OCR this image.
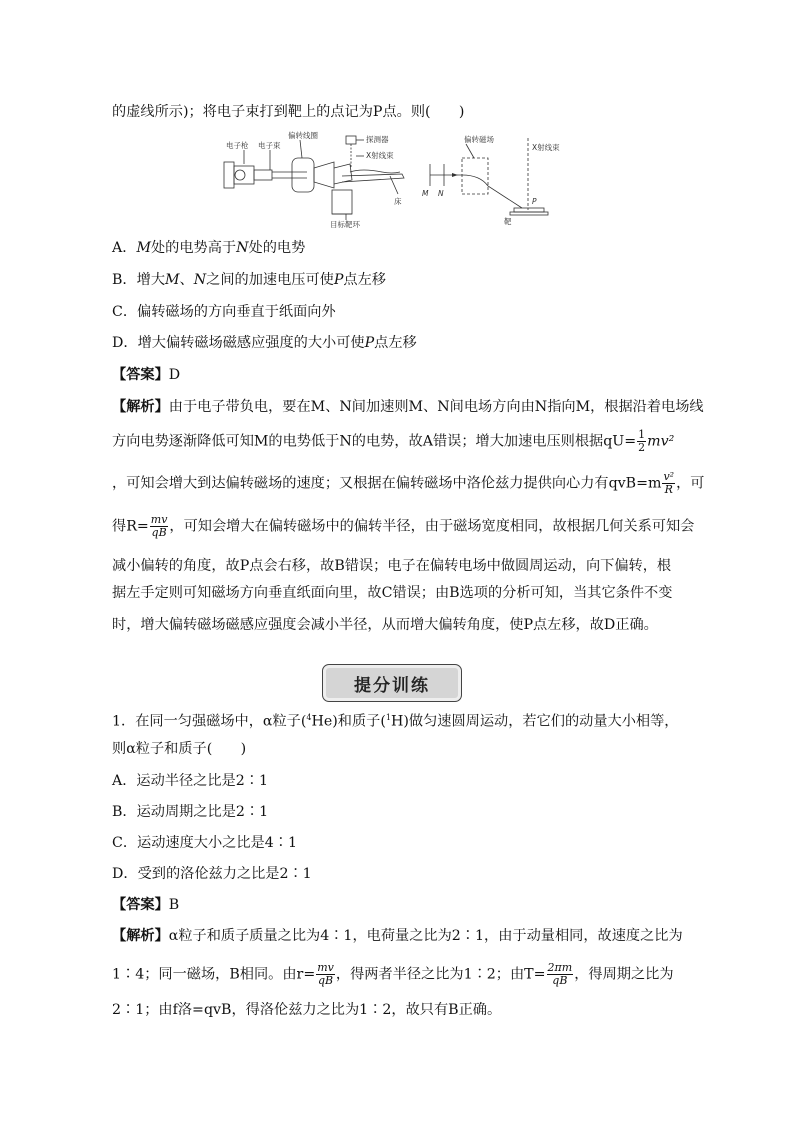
的虚线所示)；将电子束打到靶上的点记为P点。则(　　)
电子枪 电子束
偏转线圈	探测器
X射线束
床
目标靶环
偏转磁场
X射线束
M N
P
靶
A．M处的电势高于N处的电势
B．增大M、N之间的加速电压可使P点左移
C．偏转磁场的方向垂直于纸面向外
D．增大偏转磁场磁感应强度的大小可使P点左移
【答案】D
【解析】由于电子带负电，要在M、N间加速则M、N间电场方向由N指向M，根据沿着电场线
方向电势逐渐降低可知M的电势低于N的电势，故A错误；增大加速电压则根据$qU= \frac{1}{2} mv^2$
，可知会增大到达偏转磁场的速度；又根据在偏转磁场中洛伦兹力提供向心力有$qvB=m \frac{\text{v²}}{R}$ ，可
得$R= \frac{mv}{qB}$ ，可知会增大在偏转磁场中的偏转半径，由于磁场宽度相同，故根据几何关系可知会
减小偏转的角度，故P点会右移，故B错误；电子在偏转电场中做圆周运动，向下偏转，根
据左手定则可知磁场方向垂直纸面向里，故C错误；由B选项的分析可知，当其它条件不变
时，增大偏转磁场磁感应强度会减小半径，从而增大偏转角度，使P点左移，故D正确。
提分训练
1．在同一匀强磁场中，α粒子($^4$He)和质子($^1$H)做匀速圆周运动，若它们的动量大小相等，
则α粒子和质子(　　)
A．运动半径之比是2∶1
B．运动周期之比是2∶1
C．运动速度大小之比是4∶1
D．受到的洛伦兹力之比是2∶1
【答案】B
【解析】α粒子和质子质量之比为4∶1，电荷量之比为2∶1，由于动量相同，故速度之比为
1∶4；同一磁场，B相同。由$r= \frac{mv}{qB}$ ，得两者半径之比为1∶2；由$T= \frac{2\pi m}{qB}$ ，得周期之比为
2∶1；由f洛=qvB，得洛伦兹力之比为1∶2，故只有B正确。
